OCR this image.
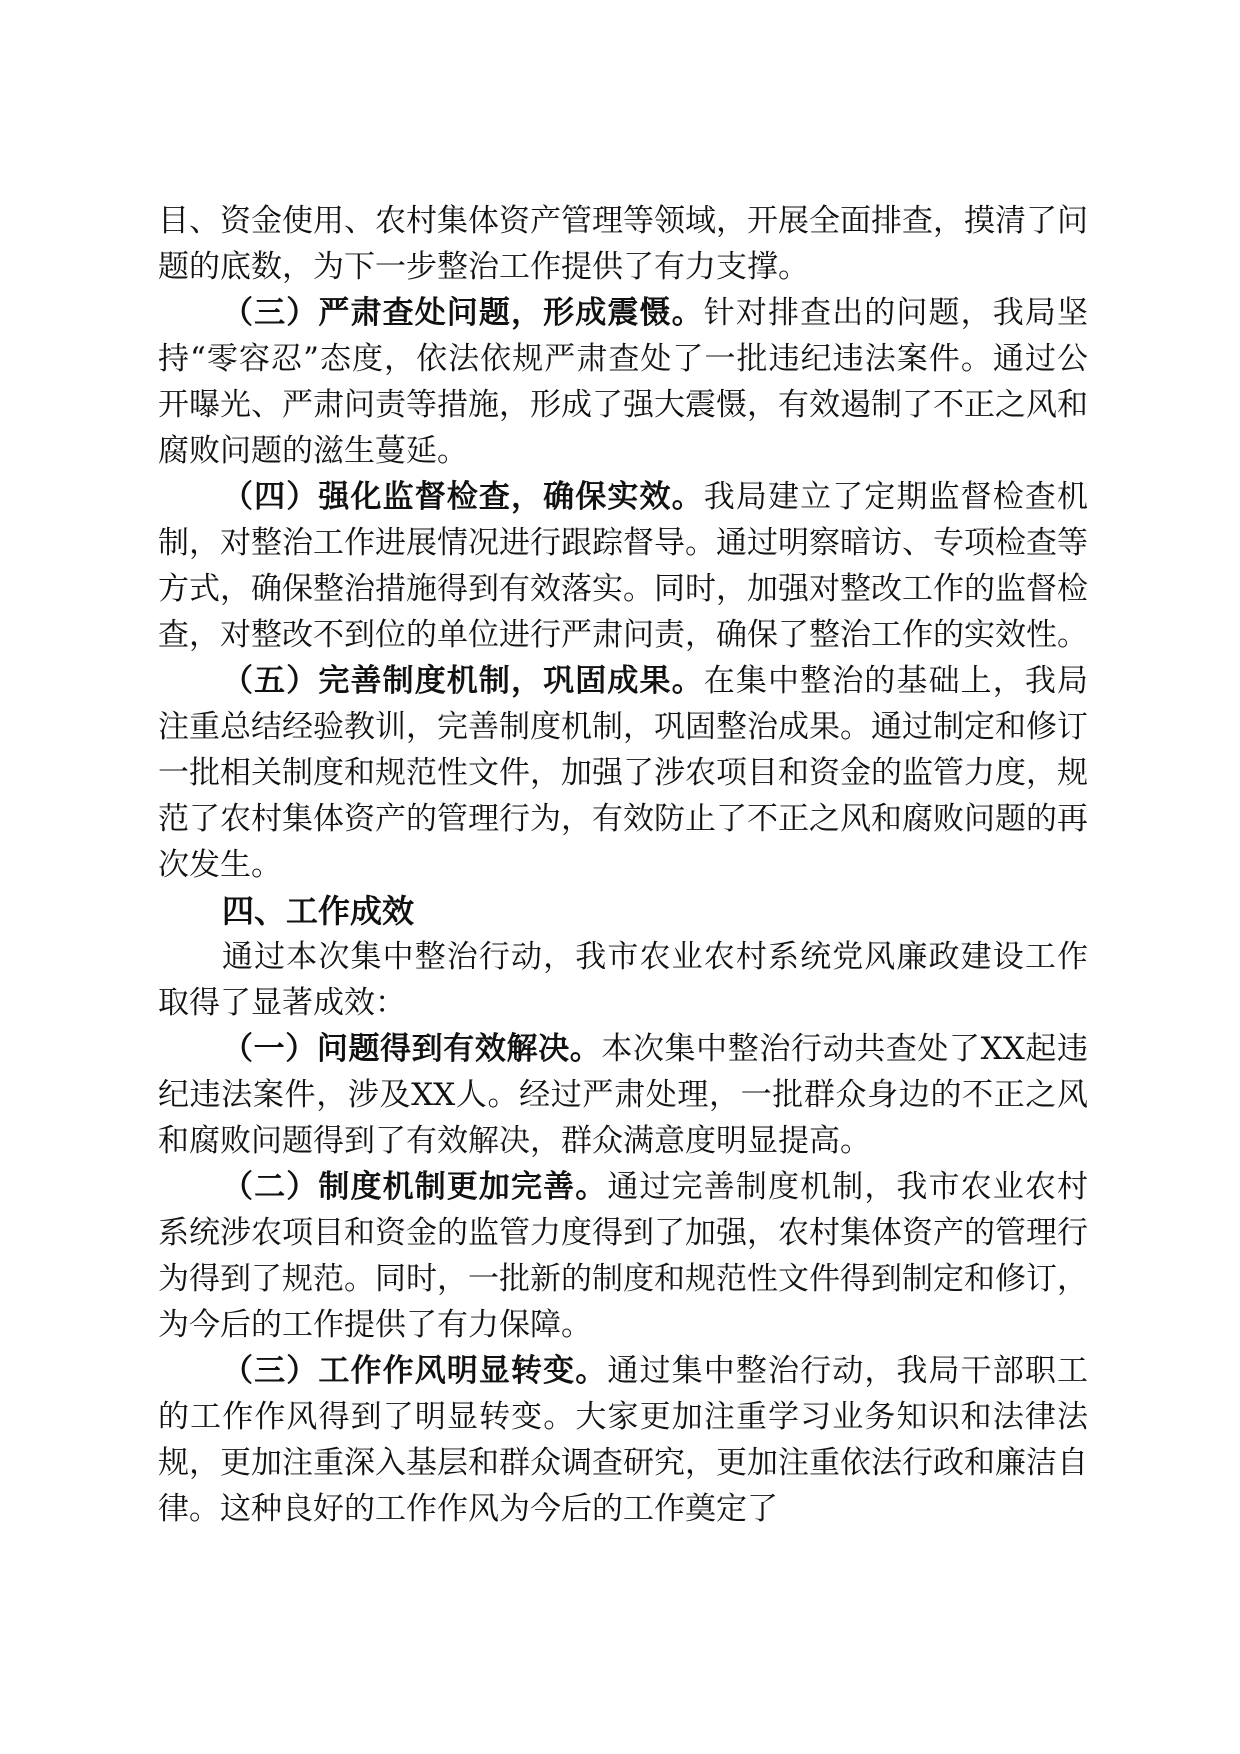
目、资金使用、农村集体资产管理等领域，开展全面排查，摸清了问题的底数，为下一步整治工作提供了有力支撑。

（三）严肃查处问题，形成震慑。针对排查出的问题，我局坚持“零容忍”态度，依法依规严肃查处了一批违纪违法案件。通过公开曝光、严肃问责等措施，形成了强大震慑，有效遏制了不正之风和腐败问题的滋生蔓延。

（四）强化监督检查，确保实效。我局建立了定期监督检查机制，对整治工作进展情况进行跟踪督导。通过明察暗访、专项检查等方式，确保整治措施得到有效落实。同时，加强对整改工作的监督检查，对整改不到位的单位进行严肃问责，确保了整治工作的实效性。

（五）完善制度机制，巩固成果。在集中整治的基础上，我局注重总结经验教训，完善制度机制，巩固整治成果。通过制定和修订一批相关制度和规范性文件，加强了涉农项目和资金的监管力度，规范了农村集体资产的管理行为，有效防止了不正之风和腐败问题的再次发生。

四、工作成效

通过本次集中整治行动，我市农业农村系统党风廉政建设工作取得了显著成效：

（一）问题得到有效解决。本次集中整治行动共查处了XX起违纪违法案件，涉及XX人。经过严肃处理，一批群众身边的不正之风和腐败问题得到了有效解决，群众满意度明显提高。

（二）制度机制更加完善。通过完善制度机制，我市农业农村系统涉农项目和资金的监管力度得到了加强，农村集体资产的管理行为得到了规范。同时，一批新的制度和规范性文件得到制定和修订，为今后的工作提供了有力保障。

（三）工作作风明显转变。通过集中整治行动，我局干部职工的工作作风得到了明显转变。大家更加注重学习业务知识和法律法规，更加注重深入基层和群众调查研究，更加注重依法行政和廉洁自律。这种良好的工作作风为今后的工作奠定了
